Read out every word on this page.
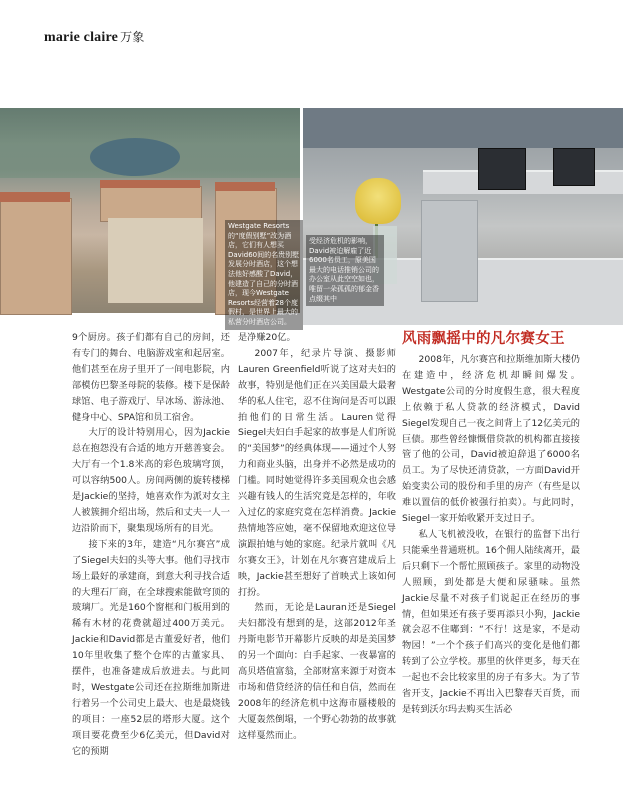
marie claire 万象
Westgate Resorts的“度假别墅”改为酒店，它们有人想买David60间的名贵别墅发展分时酒店，这个想法他好感酸了David，他建造了自己的分时酒店，现今Westgate Resorts经营着28个度假村，是世界上最大的私营分时酒店公司。
受经济危机的影响，David被迫解雇了近6000名员工，原美国最大的电话推销公司的办公室从此空空如也，唯留一朵孤孤的郁金香点缀其中

9个厨房。孩子们都有自己的房间，还有专门的舞台、电脑游戏室和起居室。他们甚至在房子里开了一间电影院，内部模仿巴黎圣母院的装修。楼下是保龄球馆、电子游戏厅、早冰场、游泳池、健身中心、SPA馆和员工宿舍。

大厅的设计特别用心，因为Jackie总在抱怨没有合适的地方开慈善宴会。大厅有一个1.8米高的彩色玻璃穹顶，可以容纳500人。房间两侧的旋转楼梯是Jackie的坚持，她喜欢作为派对女主人被簇拥介绍出场，然后和丈夫一人一边沿阶而下，聚集现场所有的目光。

接下来的3年，建造“凡尔赛宫”成了Siegel夫妇的头等大事。他们寻找市场上最好的承建商，到意大利寻找合适的大理石厂商，在全球搜索能做穹顶的玻璃厂。光是160个窗框和门板用到的稀有木材的花费就超过400万美元。Jackie和David都是古董爱好者，他们10年里收集了整个仓库的古董家具、摆件，也准备建成后放进去。与此同时，Westgate公司还在拉斯维加斯进行着另一个公司史上最大、也是最烧钱的项目：一座52层的塔形大厦。这个项目要花费至少6亿美元，但David对它的预期

是净赚20亿。

2007年，纪录片导演、摄影师Lauren Greenfield听说了这对夫妇的故事，特别是他们正在兴美国最大最奢华的私人住宅，忍不住询问是否可以跟拍他们的日常生活。Lauren觉得Siegel夫妇白手起家的故事是人们所说的“美国梦”的经典体现——通过个人努力和商业头脑，出身并不必然是成功的门槛。同时她觉得许多美国观众也会感兴趣有钱人的生活究竟是怎样的，年收入过亿的家庭究竟在怎样消费。Jackie热情地答应她，毫不保留地欢迎这位导演跟拍她与她的家庭。纪录片就叫《凡尔赛女王》，计划在凡尔赛宫建成后上映，Jackie甚至想好了首映式上该如何打扮。

然而，无论是Lauran还是Siegel夫妇都没有想到的是，这部2012年圣丹斯电影节开幕影片反映的却是美国梦的另一个面向：白手起家、一夜暴富的高贝塔值富翁，全部财富来源于对资本市场和借贷经济的信任和自信，然而在2008年的经济危机中这海市蜃楼般的大厦轰然倒塌，一个野心勃勃的故事就这样戛然而止。

风雨飘摇中的凡尔赛女王

2008年，凡尔赛宫和拉斯维加斯大楼仍在建造中，经济危机却瞬间爆发。Westgate公司的分时度假生意，很大程度上依赖于私人贷款的经济模式，David Siegel发现自己一夜之间背上了12亿美元的巨债。那些曾经慷慨借贷款的机构都直接接管了他的公司，David被迫辞退了6000名员工。为了尽快还清贷款，一方面David开始变卖公司的股份和手里的房产（有些是以难以置信的低价被强行拍卖）。与此同时，Siegel一家开始收紧开支过日子。

私人飞机被没收，在银行的监督下出行只能乘坐普通班机。16个佣人陆续离开，最后只剩下一个帮忙照顾孩子。家里的动物没人照顾，到处都是大便和尿骚味。虽然Jackie尽量不对孩子们说起正在经历的事情，但如果还有孩子要再添只小狗，Jackie就会忍不住嘟到：“不行！这是家，不是动物园！”一个个孩子们高兴的变化是他们都转到了公立学校。那里的伙伴更多，每天在一起也不会比较家里的房子有多大。为了节省开支，Jackie不再出入巴黎春天百货，而是转到沃尔玛去购买生活必
